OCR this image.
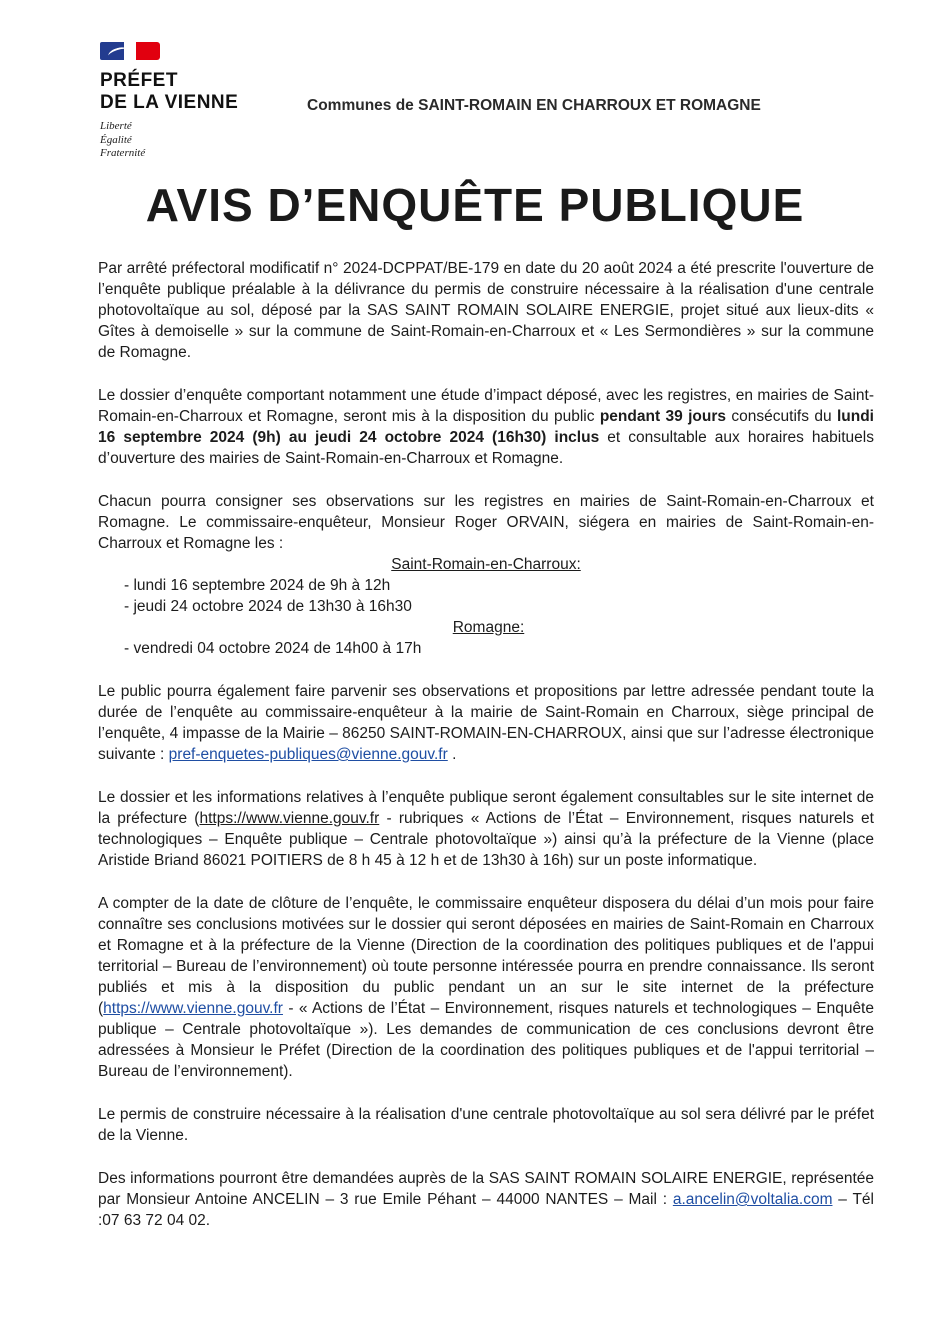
PRÉFET
DE LA VIENNE
Liberté
Égalité
Fraternité
Communes de SAINT-ROMAIN EN CHARROUX ET ROMAGNE
AVIS D’ENQUÊTE PUBLIQUE

Par arrêté préfectoral modificatif n° 2024-DCPPAT/BE-179 en date du 20 août 2024 a été prescrite l'ouverture de l’enquête publique préalable à la délivrance du permis de construire nécessaire à la réalisation d'une centrale photovoltaïque au sol, déposé par la SAS SAINT ROMAIN SOLAIRE ENERGIE, projet situé aux lieux-dits « Gîtes à demoiselle » sur la commune de Saint-Romain-en-Charroux et « Les Sermondières » sur la commune de Romagne.

Le dossier d’enquête comportant notamment une étude d’impact déposé, avec les registres, en mairies de Saint-Romain-en-Charroux et Romagne, seront mis à la disposition du public pendant 39 jours consécutifs du lundi 16 septembre 2024 (9h) au jeudi 24 octobre 2024 (16h30) inclus et consultable aux horaires habituels d’ouverture des mairies de Saint-Romain-en-Charroux et Romagne.

Chacun pourra consigner ses observations sur les registres en mairies de Saint-Romain-en-Charroux et Romagne. Le commissaire-enquêteur, Monsieur Roger ORVAIN, siégera en mairies de Saint-Romain-en-Charroux et Romagne les :

Saint-Romain-en-Charroux:
- lundi 16 septembre 2024 de 9h à 12h
- jeudi 24 octobre 2024 de 13h30 à 16h30
Romagne:
- vendredi 04 octobre 2024 de 14h00 à 17h

Le public pourra également faire parvenir ses observations et propositions par lettre adressée pendant toute la durée de l’enquête au commissaire-enquêteur à la mairie de Saint-Romain en Charroux, siège principal de l’enquête, 4 impasse de la Mairie – 86250 SAINT-ROMAIN-EN-CHARROUX, ainsi que sur l’adresse électronique suivante : pref-enquetes-publiques@vienne.gouv.fr .

Le dossier et les informations relatives à l’enquête publique seront également consultables sur le site internet de la préfecture (https://www.vienne.gouv.fr - rubriques « Actions de l’État – Environnement, risques naturels et technologiques – Enquête publique – Centrale photovoltaïque ») ainsi qu’à la préfecture de la Vienne (place Aristide Briand 86021 POITIERS de 8 h 45 à 12 h et de 13h30 à 16h) sur un poste informatique.

A compter de la date de clôture de l’enquête, le commissaire enquêteur disposera du délai d’un mois pour faire connaître ses conclusions motivées sur le dossier qui seront déposées en mairies de Saint-Romain en Charroux et Romagne et à la préfecture de la Vienne (Direction de la coordination des politiques publiques et de l'appui territorial – Bureau de l’environnement) où toute personne intéressée pourra en prendre connaissance. Ils seront publiés et mis à la disposition du public pendant un an sur le site internet de la préfecture (https://www.vienne.gouv.fr - « Actions de l’État – Environnement, risques naturels et technologiques – Enquête publique – Centrale photovoltaïque »). Les demandes de communication de ces conclusions devront être adressées à Monsieur le Préfet (Direction de la coordination des politiques publiques et de l'appui territorial – Bureau de l’environnement).

Le permis de construire nécessaire à la réalisation d'une centrale photovoltaïque au sol sera délivré par le préfet de la Vienne.

Des informations pourront être demandées auprès de la SAS SAINT ROMAIN SOLAIRE ENERGIE, représentée par Monsieur Antoine ANCELIN – 3 rue Emile Péhant – 44000 NANTES – Mail : a.ancelin@voltalia.com – Tél :07 63 72 04 02.
